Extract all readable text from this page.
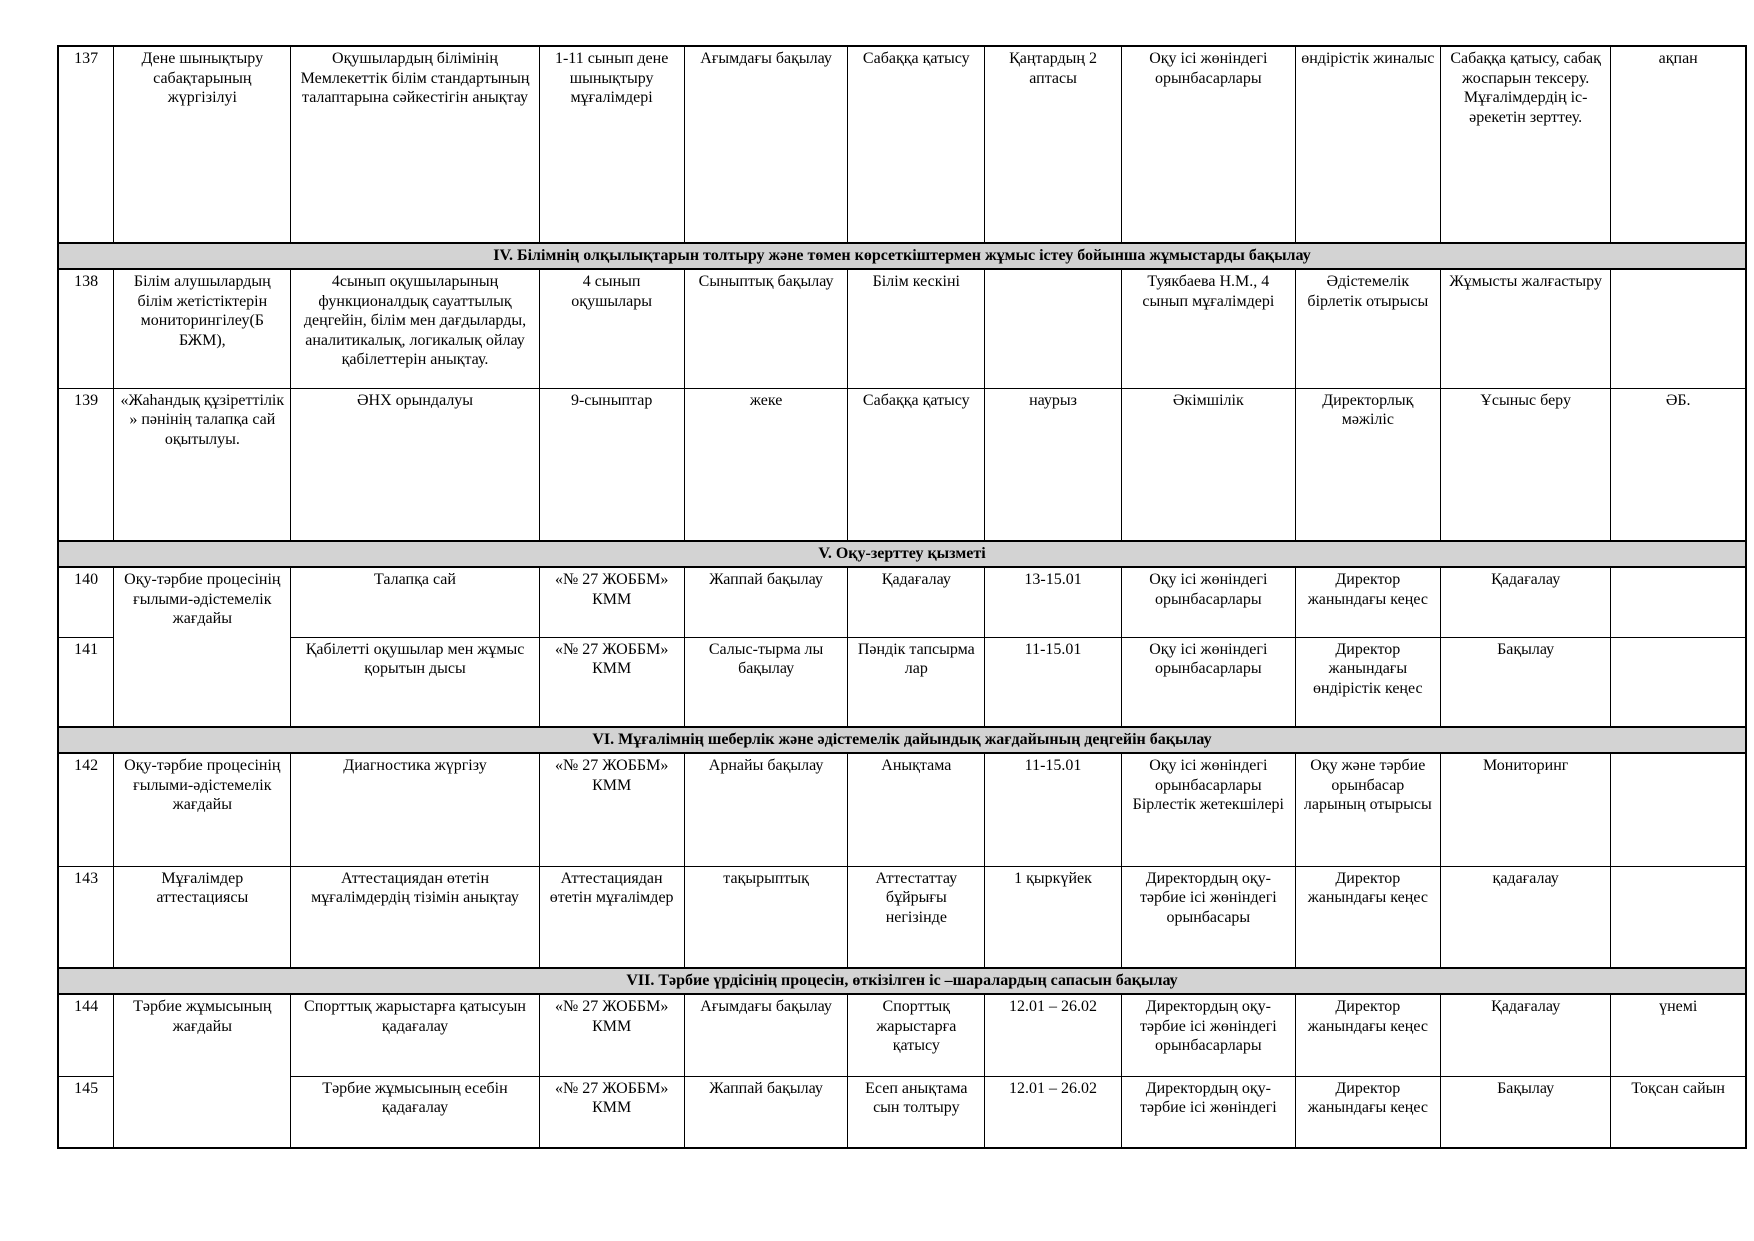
137	Дене шынықтыру сабақтарының жүргізілуі	Оқушылардың білімінің Мемлекеттік білім стандартының талаптарына сәйкестігін анықтау	1-11 сынып дене шынықтыру мұғалімдері	Ағымдағы бақылау	Сабаққа қатысу	Қаңтардың 2 аптасы	Оқу ісі жөніндегі орынбасарлары	өндірістік жиналыс	Сабаққа қатысу, сабақ жоспарын тексеру. Мұғалімдердің іс-әрекетін зерттеу.	ақпан
IV. Білімнің олқылықтарын толтыру және төмен көрсеткіштермен жұмыс істеу бойынша жұмыстарды бақылау										
138	Білім алушылардың білім жетістіктерін мониторингілеу(Б БЖМ),	4сынып оқушыларының функционалдық сауаттылық деңгейін, білім мен дағдыларды, аналитикалық, логикалық ойлау қабілеттерін анықтау.	4 сынып оқушылары	Сыныптық бақылау	Білім кескіні		Туякбаева Н.М., 4 сынып мұғалімдері	Әдістемелік бірлетік отырысы	Жұмысты жалғастыру	
139	«Жаһандық құзіреттілік » пәнінің талапқа сай оқытылуы.	ӘНХ орындалуы	9-сыныптар	жеке	Сабаққа қатысу	наурыз	Әкімшілік	Директорлық мәжіліс	Ұсыныс беру	ӘБ.
V. Оқу-зерттеу қызметі										
140	Оқу-тәрбие процесінің ғылыми-әдістемелік жағдайы	Талапқа сай	«№ 27 ЖОББМ» КММ	Жаппай бақылау	Қадағалау	13-15.01	Оқу ісі жөніндегі орынбасарлары	Директор жанындағы кеңес	Қадағалау	
141		Қабілетті оқушылар мен жұмыс қорытын дысы	«№ 27 ЖОББМ» КММ	Салыс-тырма лы бақылау	Пәндік тапсырма лар	11-15.01	Оқу ісі жөніндегі орынбасарлары	Директор жанындағы өндірістік кеңес	Бақылау	
VI. Мұғалімнің шеберлік және әдістемелік дайындық жағдайының деңгейін бақылау										
142	Оқу-тәрбие процесінің ғылыми-әдістемелік жағдайы	Диагностика жүргізу	«№ 27 ЖОББМ» КММ	Арнайы бақылау	Анықтама	11-15.01	Оқу ісі жөніндегі орынбасарлары Бірлестік жетекшілері	Оқу және тәрбие орынбасар ларының отырысы	Мониторинг	
143	Мұғалімдер аттестациясы	Аттестациядан өтетін мұғалімдердің тізімін анықтау	Аттестациядан өтетін мұғалімдер	тақырыптық	Аттестаттау бұйрығы негізінде	1 қыркүйек	Директордың оқу-тәрбие ісі жөніндегі орынбасары	Директор жанындағы кеңес	қадағалау	
VII. Тәрбие үрдісінің процесін, өткізілген іс –шаралардың сапасын бақылау										
144	Тәрбие жұмысының жағдайы	Спорттық жарыстарға қатысуын қадағалау	«№ 27 ЖОББМ» КММ	Ағымдағы бақылау	Спорттық жарыстарға қатысу	12.01 – 26.02	Директордың оқу-тәрбие ісі жөніндегі орынбасарлары	Директор жанындағы кеңес	Қадағалау	үнемі
145		Тәрбие жұмысының есебін қадағалау	«№ 27 ЖОББМ» КММ	Жаппай бақылау	Есеп анықтама сын толтыру	12.01 – 26.02	Директордың оқу-тәрбие ісі жөніндегі	Директор жанындағы кеңес	Бақылау	Тоқсан сайын
